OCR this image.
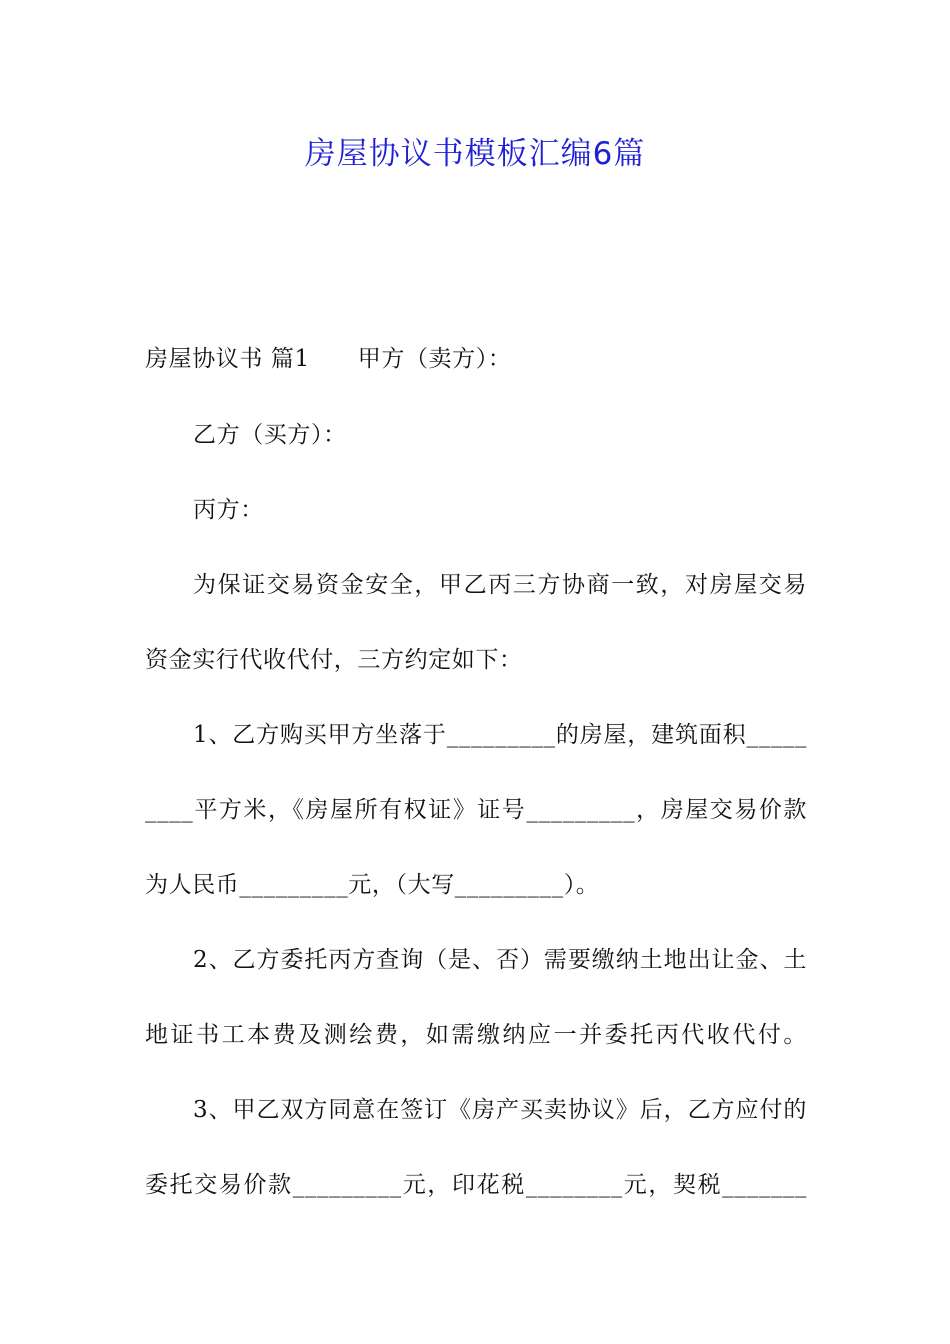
房屋协议书模板汇编6篇
房屋协议书 篇1 甲方（卖方）：
乙方（买方）：
丙方：
为保证交易资金安全，甲乙丙三方协商一致，对房屋交易
资金实行代收代付，三方约定如下：
1、乙方购买甲方坐落于_________的房屋，建筑面积_____
____平方米，《房屋所有权证》证号_________，房屋交易价款
为人民币_________元，（大写_________）。
2、乙方委托丙方查询（是、否）需要缴纳土地出让金、土
地证书工本费及测绘费，如需缴纳应一并委托丙代收代付。
3、甲乙双方同意在签订《房产买卖协议》后，乙方应付的
委托交易价款_________元，印花税________元，契税_______
